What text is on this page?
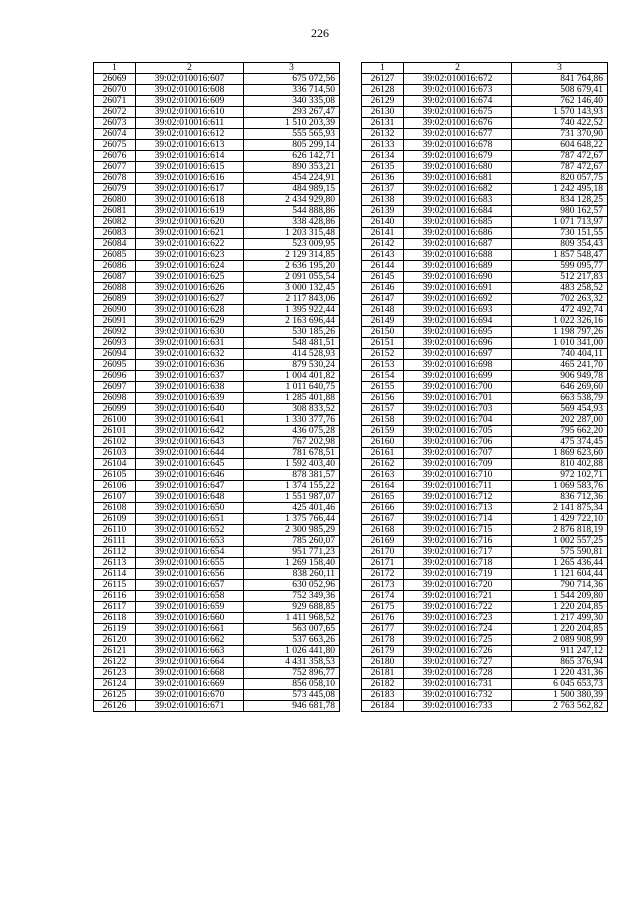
226
1	2	3
26069	39:02:010016:607	675 072,56
26070	39:02:010016:608	336 714,50
26071	39:02:010016:609	340 335,08
26072	39:02:010016:610	293 267,47
26073	39:02:010016:611	1 510 203,39
26074	39:02:010016:612	555 565,93
26075	39:02:010016:613	805 299,14
26076	39:02:010016:614	626 142,71
26077	39:02:010016:615	890 353,21
26078	39:02:010016:616	454 224,91
26079	39:02:010016:617	484 989,15
26080	39:02:010016:618	2 434 929,80
26081	39:02:010016:619	544 888,86
26082	39:02:010016:620	338 428,86
26083	39:02:010016:621	1 203 315,48
26084	39:02:010016:622	523 009,95
26085	39:02:010016:623	2 129 314,85
26086	39:02:010016:624	2 636 195,20
26087	39:02:010016:625	2 091 055,54
26088	39:02:010016:626	3 000 132,45
26089	39:02:010016:627	2 117 843,06
26090	39:02:010016:628	1 395 922,44
26091	39:02:010016:629	2 163 696,44
26092	39:02:010016:630	530 185,26
26093	39:02:010016:631	548 481,51
26094	39:02:010016:632	414 528,93
26095	39:02:010016:636	879 530,24
26096	39:02:010016:637	1 004 401,82
26097	39:02:010016:638	1 011 640,75
26098	39:02:010016:639	1 285 401,88
26099	39:02:010016:640	308 833,52
26100	39:02:010016:641	1 330 377,76
26101	39:02:010016:642	436 075,28
26102	39:02:010016:643	767 202,98
26103	39:02:010016:644	781 678,51
26104	39:02:010016:645	1 592 403,40
26105	39:02:010016:646	878 381,57
26106	39:02:010016:647	1 374 155,22
26107	39:02:010016:648	1 551 987,07
26108	39:02:010016:650	425 401,46
26109	39:02:010016:651	1 375 766,44
26110	39:02:010016:652	2 300 985,29
26111	39:02:010016:653	785 260,07
26112	39:02:010016:654	951 771,23
26113	39:02:010016:655	1 269 158,40
26114	39:02:010016:656	838 260,11
26115	39:02:010016:657	630 052,96
26116	39:02:010016:658	752 349,36
26117	39:02:010016:659	929 688,85
26118	39:02:010016:660	1 411 968,52
26119	39:02:010016:661	563 007,65
26120	39:02:010016:662	537 663,26
26121	39:02:010016:663	1 026 441,80
26122	39:02:010016:664	4 431 358,53
26123	39:02:010016:668	752 896,77
26124	39:02:010016:669	856 058,10
26125	39:02:010016:670	573 445,08
26126	39:02:010016:671	946 681,78
1	2	3
26127	39:02:010016:672	841 764,86
26128	39:02:010016:673	508 679,41
26129	39:02:010016:674	762 146,40
26130	39:02:010016:675	1 570 143,93
26131	39:02:010016:676	740 422,52
26132	39:02:010016:677	731 370,90
26133	39:02:010016:678	604 648,22
26134	39:02:010016:679	787 472,67
26135	39:02:010016:680	787 472,67
26136	39:02:010016:681	820 057,75
26137	39:02:010016:682	1 242 495,18
26138	39:02:010016:683	834 128,25
26139	39:02:010016:684	980 162,57
26140	39:02:010016:685	1 071 713,97
26141	39:02:010016:686	730 151,55
26142	39:02:010016:687	809 354,43
26143	39:02:010016:688	1 857 548,47
26144	39:02:010016:689	599 095,77
26145	39:02:010016:690	512 217,83
26146	39:02:010016:691	483 258,52
26147	39:02:010016:692	702 263,32
26148	39:02:010016:693	472 492,74
26149	39:02:010016:694	1 022 326,16
26150	39:02:010016:695	1 198 797,26
26151	39:02:010016:696	1 010 341,00
26152	39:02:010016:697	740 404,11
26153	39:02:010016:698	465 241,70
26154	39:02:010016:699	906 949,78
26155	39:02:010016:700	646 269,60
26156	39:02:010016:701	663 538,79
26157	39:02:010016:703	569 454,93
26158	39:02:010016:704	202 287,00
26159	39:02:010016:705	795 662,20
26160	39:02:010016:706	475 374,45
26161	39:02:010016:707	1 869 623,60
26162	39:02:010016:709	810 402,88
26163	39:02:010016:710	972 102,71
26164	39:02:010016:711	1 069 583,76
26165	39:02:010016:712	836 712,36
26166	39:02:010016:713	2 141 875,34
26167	39:02:010016:714	1 429 722,10
26168	39:02:010016:715	2 876 818,19
26169	39:02:010016:716	1 002 557,25
26170	39:02:010016:717	575 590,81
26171	39:02:010016:718	1 265 436,44
26172	39:02:010016:719	1 121 604,44
26173	39:02:010016:720	790 714,36
26174	39:02:010016:721	1 544 209,80
26175	39:02:010016:722	1 220 204,85
26176	39:02:010016:723	1 217 499,30
26177	39:02:010016:724	1 220 204,85
26178	39:02:010016:725	2 089 908,99
26179	39:02:010016:726	911 247,12
26180	39:02:010016:727	865 376,94
26181	39:02:010016:728	1 220 431,36
26182	39:02:010016:731	6 045 653,73
26183	39:02:010016:732	1 500 380,39
26184	39:02:010016:733	2 763 562,82
